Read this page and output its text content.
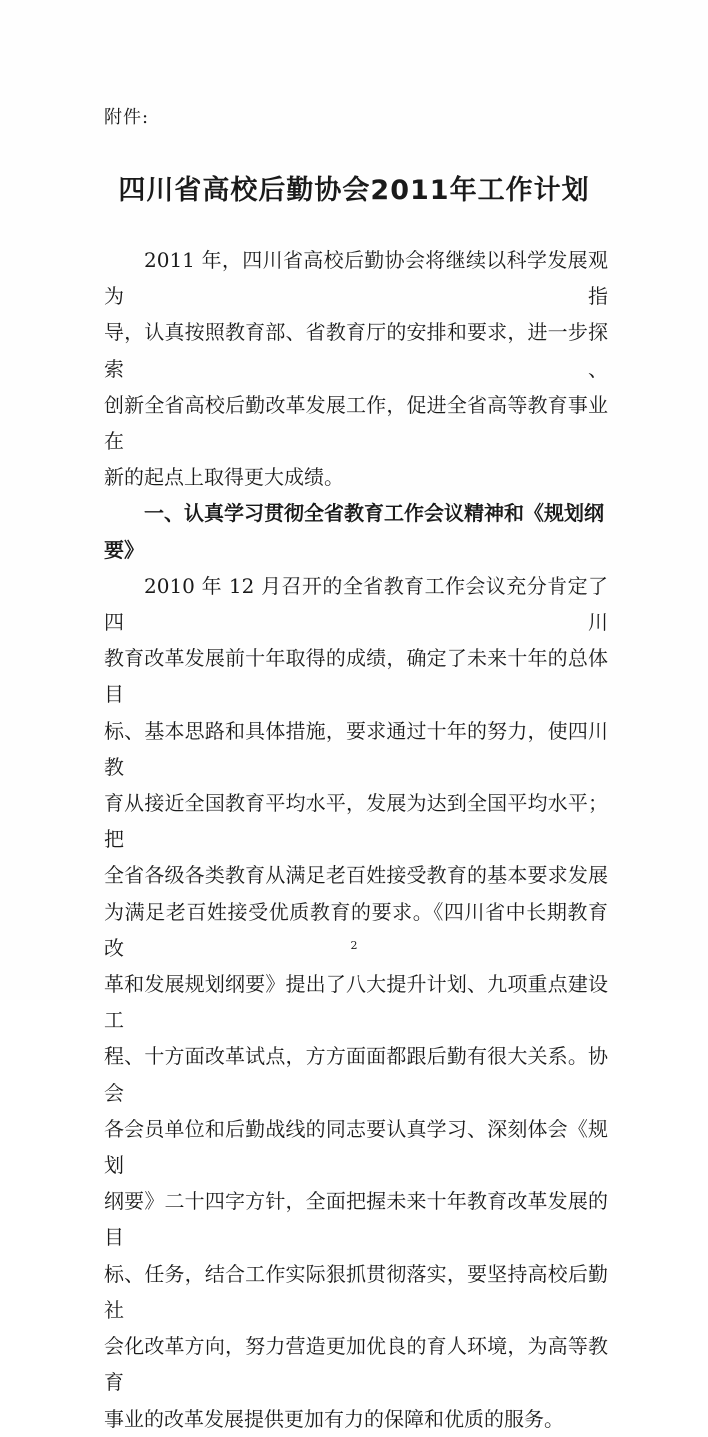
附件:
四川省高校后勤协会2011年工作计划

2011 年，四川省高校后勤协会将继续以科学发展观为指

导，认真按照教育部、省教育厅的安排和要求，进一步探索、

创新全省高校后勤改革发展工作，促进全省高等教育事业在

新的起点上取得更大成绩。

一、认真学习贯彻全省教育工作会议精神和《规划纲要》

2010 年 12 月召开的全省教育工作会议充分肯定了四川

教育改革发展前十年取得的成绩，确定了未来十年的总体目

标、基本思路和具体措施，要求通过十年的努力，使四川教

育从接近全国教育平均水平，发展为达到全国平均水平；把

全省各级各类教育从满足老百姓接受教育的基本要求发展

为满足老百姓接受优质教育的要求。《四川省中长期教育改

革和发展规划纲要》提出了八大提升计划、九项重点建设工

程、十方面改革试点，方方面面都跟后勤有很大关系。协会

各会员单位和后勤战线的同志要认真学习、深刻体会《规划

纲要》二十四字方针，全面把握未来十年教育改革发展的目

标、任务，结合工作实际狠抓贯彻落实，要坚持高校后勤社

会化改革方向，努力营造更加优良的育人环境，为高等教育

事业的改革发展提供更加有力的保障和优质的服务。

2
